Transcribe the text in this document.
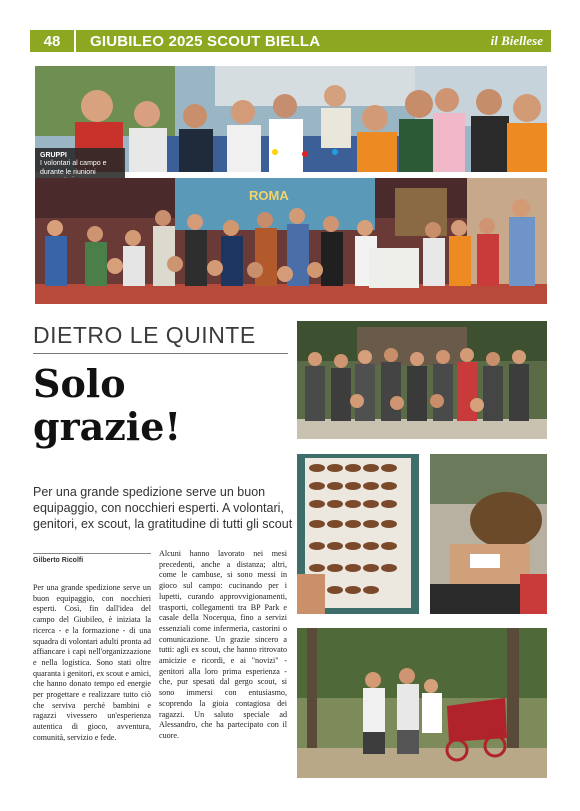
48	GIUBILEO 2025 SCOUT BIELLA	il Biellese
GRUPPI
I volontari al campo e durante le riunioni
ROMA
DIETRO LE QUINTE
Solo
grazie!
Per una grande spedizione serve un buon equipaggio, con nocchieri esperti. A volontari, genitori, ex scout, la gratitudine di tutti gli scout
Gilberto Ricolfi
Per una grande spedizione serve un buon equipaggio, con nocchieri esperti. Così, fin dall'idea del campo del Giubileo, è iniziata la ricerca - e la formazione - di una squadra di volontari adulti pronta ad affiancare i capi nell'organizzazione e nella logistica. Sono stati oltre quaranta i genitori, ex scout e amici, che hanno donato tempo ed energie per progettare e realizzare tutto ciò che serviva perché bambini e ragazzi vivessero un'esperienza autentica di gioco, avventura, comunità, servizio e fede.
Alcuni hanno lavorato nei mesi precedenti, anche a distanza; altri, come le cambuse, si sono messi in gioco sul campo: cucinando per i lupetti, curando approvvigionamenti, trasporti, collegamenti tra BP Park e casale della Nocerqua, fino a servizi essenziali come infermeria, castorini o comunicazione. Un grazie sincero a tutti: agli ex scout, che hanno ritrovato amicizie e ricordi, e ai "novizi" - genitori alla loro prima esperienza - che, pur spesati dal gergo scout, si sono immersi con entusiasmo, scoprendo la gioia contagiosa dei ragazzi. Un saluto speciale ad Alessandro, che ha partecipato con il cuore.
